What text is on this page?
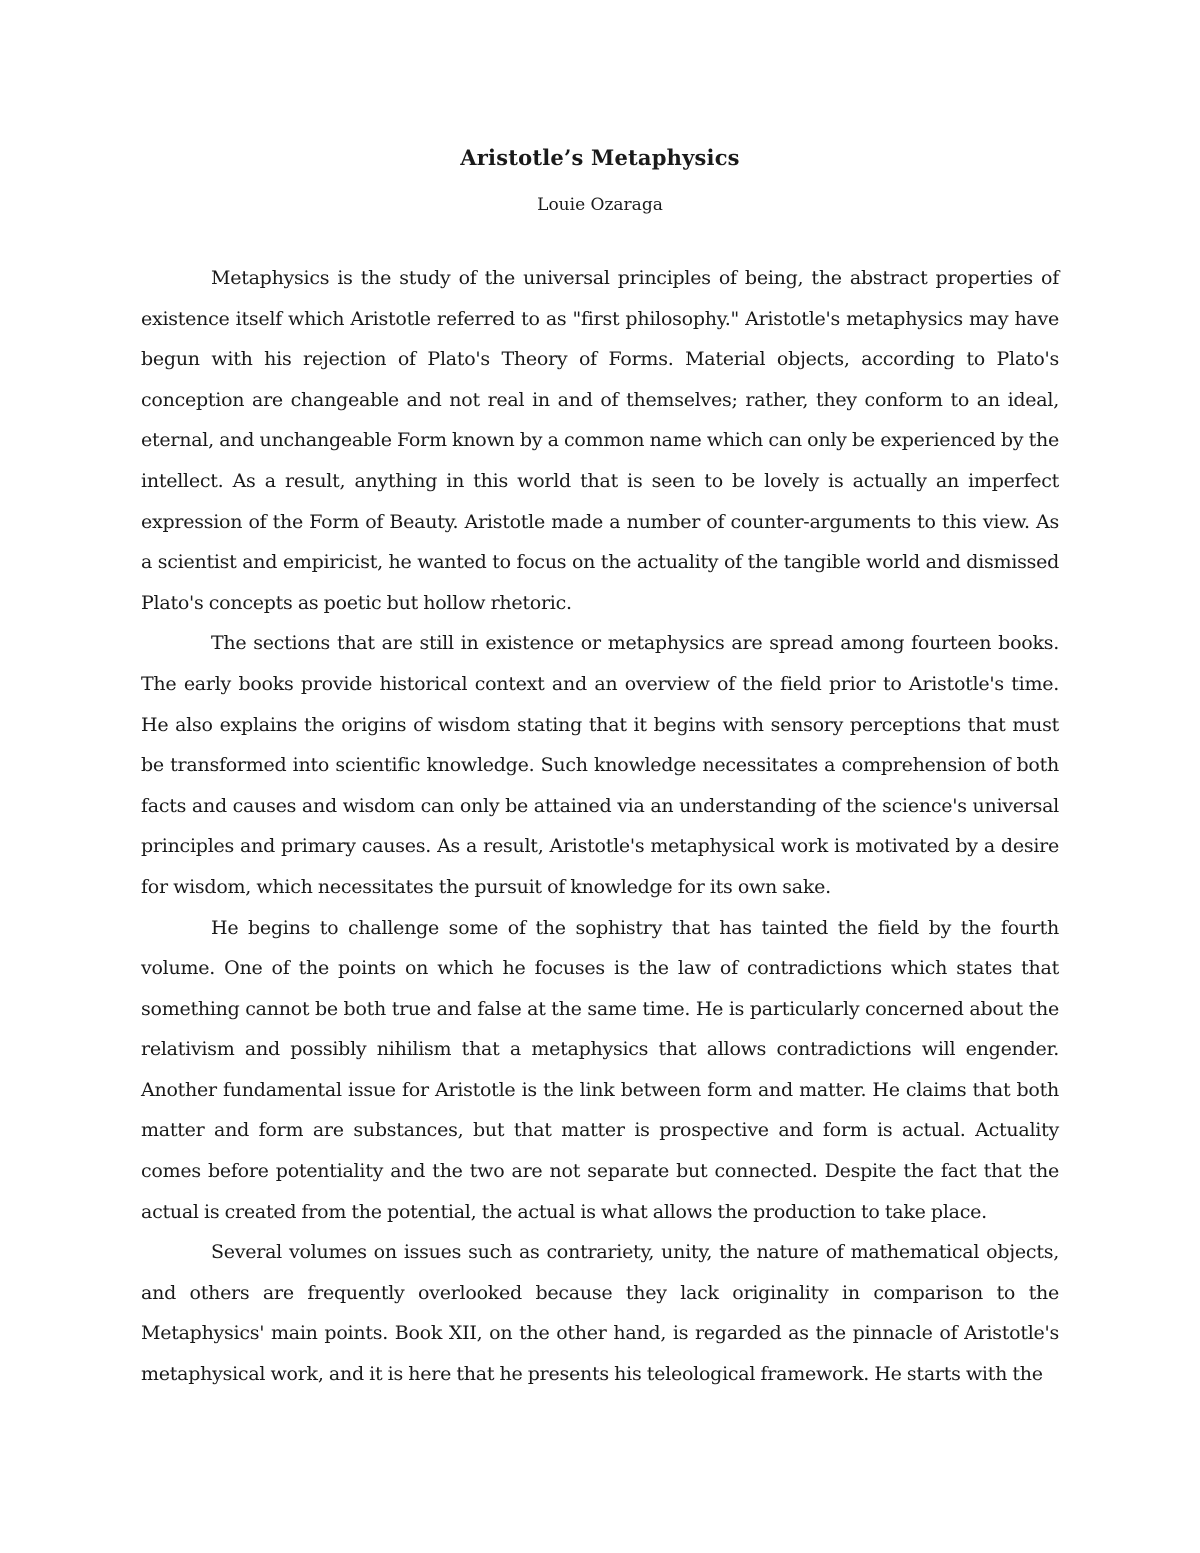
Aristotle’s Metaphysics

Louie Ozaraga

Metaphysics is the study of the universal principles of being, the abstract properties of existence itself which Aristotle referred to as "first philosophy." Aristotle's metaphysics may have begun with his rejection of Plato's Theory of Forms. Material objects, according to Plato's conception are changeable and not real in and of themselves; rather, they conform to an ideal, eternal, and unchangeable Form known by a common name which can only be experienced by the intellect. As a result, anything in this world that is seen to be lovely is actually an imperfect expression of the Form of Beauty. Aristotle made a number of counter-arguments to this view. As a scientist and empiricist, he wanted to focus on the actuality of the tangible world and dismissed Plato's concepts as poetic but hollow rhetoric.

The sections that are still in existence or metaphysics are spread among fourteen books. The early books provide historical context and an overview of the field prior to Aristotle's time. He also explains the origins of wisdom stating that it begins with sensory perceptions that must be transformed into scientific knowledge. Such knowledge necessitates a comprehension of both facts and causes and wisdom can only be attained via an understanding of the science's universal principles and primary causes. As a result, Aristotle's metaphysical work is motivated by a desire for wisdom, which necessitates the pursuit of knowledge for its own sake.

He begins to challenge some of the sophistry that has tainted the field by the fourth volume. One of the points on which he focuses is the law of contradictions which states that something cannot be both true and false at the same time. He is particularly concerned about the relativism and possibly nihilism that a metaphysics that allows contradictions will engender. Another fundamental issue for Aristotle is the link between form and matter. He claims that both matter and form are substances, but that matter is prospective and form is actual. Actuality comes before potentiality and the two are not separate but connected. Despite the fact that the actual is created from the potential, the actual is what allows the production to take place.

Several volumes on issues such as contrariety, unity, the nature of mathematical objects, and others are frequently overlooked because they lack originality in comparison to the Metaphysics' main points. Book XII, on the other hand, is regarded as the pinnacle of Aristotle's metaphysical work, and it is here that he presents his teleological framework. He starts with the
